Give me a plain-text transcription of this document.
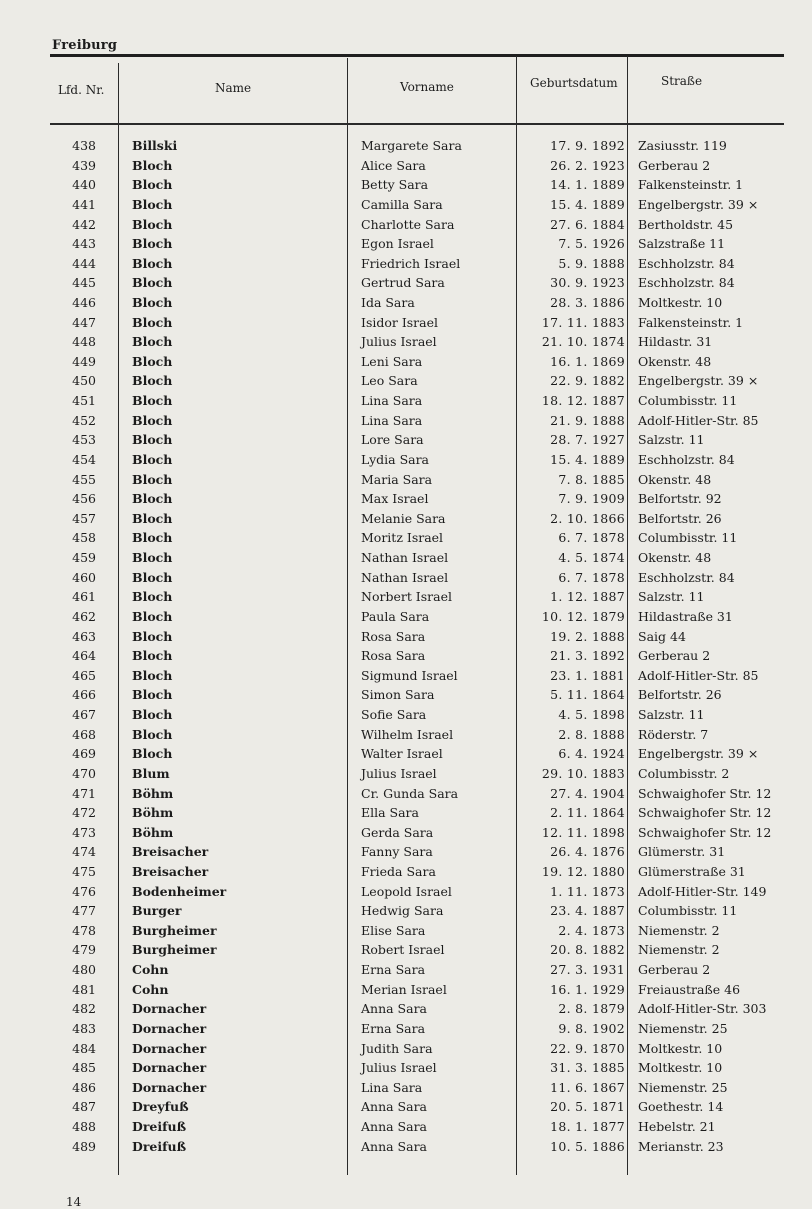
Freiburg
Lfd. Nr.	Name	Vorname	Geburtsdatum	Straße
438	Billski	Margarete Sara	17. 9. 1892 Zasiusstr. 119
439	Bloch	Alice Sara	26. 2. 1923 Gerberau 2
440	Bloch	Betty Sara	14. 1. 1889 Falkensteinstr. 1
441	Bloch	Camilla Sara	15. 4. 1889 Engelbergstr. 39 ×
442	Bloch	Charlotte Sara	27. 6. 1884 Bertholdstr. 45
443	Bloch	Egon Israel	7. 5. 1926 Salzstraße 11
444	Bloch	Friedrich Israel	5. 9. 1888 Eschholzstr. 84
445	Bloch	Gertrud Sara	30. 9. 1923 Eschholzstr. 84
446	Bloch	Ida Sara	28. 3. 1886 Moltkestr. 10
447	Bloch	Isidor Israel	17. 11. 1883 Falkensteinstr. 1
448	Bloch	Julius Israel	21. 10. 1874 Hildastr. 31
449	Bloch	Leni Sara	16. 1. 1869 Okenstr. 48
450	Bloch	Leo Sara	22. 9. 1882 Engelbergstr. 39 ×
451	Bloch	Lina Sara	18. 12. 1887 Columbisstr. 11
452	Bloch	Lina Sara	21. 9. 1888 Adolf-Hitler-Str. 85
453	Bloch	Lore Sara	28. 7. 1927 Salzstr. 11
454	Bloch	Lydia Sara	15. 4. 1889 Eschholzstr. 84
455	Bloch	Maria Sara	7. 8. 1885 Okenstr. 48
456	Bloch	Max Israel	7. 9. 1909 Belfortstr. 92
457	Bloch	Melanie Sara	2. 10. 1866 Belfortstr. 26
458	Bloch	Moritz Israel	6. 7. 1878 Columbisstr. 11
459	Bloch	Nathan Israel	4. 5. 1874 Okenstr. 48
460	Bloch	Nathan Israel	6. 7. 1878 Eschholzstr. 84
461	Bloch	Norbert Israel	1. 12. 1887 Salzstr. 11
462	Bloch	Paula Sara	10. 12. 1879 Hildastraße 31
463	Bloch	Rosa Sara	19. 2. 1888 Saig 44
464	Bloch	Rosa Sara	21. 3. 1892 Gerberau 2
465	Bloch	Sigmund Israel	23. 1. 1881 Adolf-Hitler-Str. 85
466	Bloch	Simon Sara	5. 11. 1864 Belfortstr. 26
467	Bloch	Sofie Sara	4. 5. 1898 Salzstr. 11
468	Bloch	Wilhelm Israel	2. 8. 1888 Röderstr. 7
469	Bloch	Walter Israel	6. 4. 1924 Engelbergstr. 39 ×
470	Blum	Julius Israel	29. 10. 1883 Columbisstr. 2
471	Böhm	Cr. Gunda Sara	27. 4. 1904 Schwaighofer Str. 12
472	Böhm	Ella Sara	2. 11. 1864 Schwaighofer Str. 12
473	Böhm	Gerda Sara	12. 11. 1898 Schwaighofer Str. 12
474	Breisacher	Fanny Sara	26. 4. 1876 Glümerstr. 31
475	Breisacher	Frieda Sara	19. 12. 1880 Glümerstraße 31
476	Bodenheimer	Leopold Israel	1. 11. 1873 Adolf-Hitler-Str. 149
477	Burger	Hedwig Sara	23. 4. 1887 Columbisstr. 11
478	Burgheimer	Elise Sara	2. 4. 1873 Niemenstr. 2
479	Burgheimer	Robert Israel	20. 8. 1882 Niemenstr. 2
480	Cohn	Erna Sara	27. 3. 1931 Gerberau 2
481	Cohn	Merian Israel	16. 1. 1929 Freiaustraße 46
482	Dornacher	Anna Sara	2. 8. 1879 Adolf-Hitler-Str. 303
483	Dornacher	Erna Sara	9. 8. 1902 Niemenstr. 25
484	Dornacher	Judith Sara	22. 9. 1870 Moltkestr. 10
485	Dornacher	Julius Israel	31. 3. 1885 Moltkestr. 10
486	Dornacher	Lina Sara	11. 6. 1867 Niemenstr. 25
487	Dreyfuß	Anna Sara	20. 5. 1871 Goethestr. 14
488	Dreifuß	Anna Sara	18. 1. 1877 Hebelstr. 21
489	Dreifuß	Anna Sara	10. 5. 1886 Merianstr. 23
14
